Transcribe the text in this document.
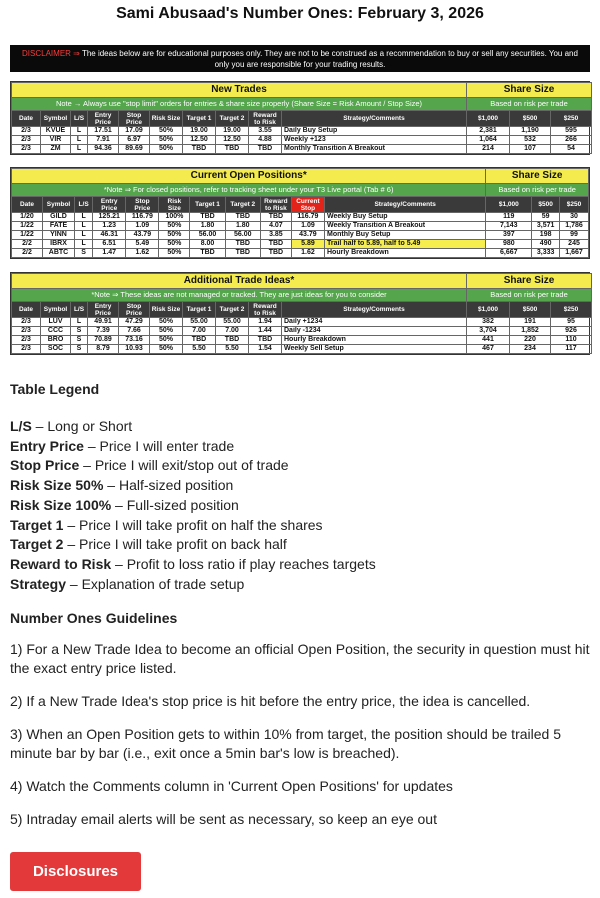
Sami Abusaad's Number Ones: February 3, 2026
DISCLAIMER ⇒ The ideas below are for educational purposes only. They are not to be construed as a recommendation to buy or sell any securities. You and only you are responsible for your trading results.
New Trades										Share Size		
Note → Always use "stop limit" orders for entries & share size properly (Share Size = Risk Amount / Stop Size)										Based on risk per trade		
Date	Symbol	L/S	Entry Price	Stop Price	Risk Size	Target 1	Target 2	Reward to Risk	Strategy/Comments	$1,000	$500	$250
2/3	KVUE	L	17.51	17.09	50%	19.00	19.00	3.55	Daily Buy Setup	2,381	1,190	595
2/3	VIR	L	7.91	6.97	50%	12.50	12.50	4.88	Weekly +123	1,064	532	266
2/3	ZM	L	94.36	89.69	50%	TBD	TBD	TBD	Monthly Transition A Breakout	214	107	54
Current Open Positions*											Share Size		
*Note ⇒ For closed positions, refer to tracking sheet under your T3 Live portal (Tab # 6)											Based on risk per trade		
Date	Symbol	L/S	Entry Price	Stop Price	Risk Size	Target 1	Target 2	Reward to Risk	Current Stop	Strategy/Comments	$1,000	$500	$250
1/20	GILD	L	125.21	116.79	100%	TBD	TBD	TBD	116.79	Weekly Buy Setup	119	59	30
1/22	FATE	L	1.23	1.09	50%	1.80	1.80	4.07	1.09	Weekly Transition A Breakout	7,143	3,571	1,786
1/22	YINN	L	46.31	43.79	50%	56.00	56.00	3.85	43.79	Monthly Buy Setup	397	198	99
2/2	IBRX	L	6.51	5.49	50%	8.00	TBD	TBD	5.89	Trail half to 5.89, half to 5.49	980	490	245
2/2	ABTC	S	1.47	1.62	50%	TBD	TBD	TBD	1.62	Hourly Breakdown	6,667	3,333	1,667
Additional Trade Ideas*										Share Size		
*Note ⇒ These ideas are not managed or tracked. They are just ideas for you to consider										Based on risk per trade		
Date	Symbol	L/S	Entry Price	Stop Price	Risk Size	Target 1	Target 2	Reward to Risk	Strategy/Comments	$1,000	$500	$250
2/3	LUV	L	49.91	47.29	50%	55.00	55.00	1.94	Daily +1234	382	191	95
2/3	CCC	S	7.39	7.66	50%	7.00	7.00	1.44	Daily -1234	3,704	1,852	926
2/3	BRO	S	70.89	73.16	50%	TBD	TBD	TBD	Hourly Breakdown	441	220	110
2/3	SOC	S	8.79	10.93	50%	5.50	5.50	1.54	Weekly Sell Setup	467	234	117
Table Legend
L/S – Long or Short
Entry Price – Price I will enter trade
Stop Price – Price I will exit/stop out of trade
Risk Size 50% – Half-sized position
Risk Size 100% – Full-sized position
Target 1 – Price I will take profit on half the shares
Target 2 – Price I will take profit on back half
Reward to Risk – Profit to loss ratio if play reaches targets
Strategy – Explanation of trade setup
Number Ones Guidelines

1) For a New Trade Idea to become an official Open Position, the security in question must hit the exact entry price listed.

2) If a New Trade Idea's stop price is hit before the entry price, the idea is cancelled.

3) When an Open Position gets to within 10% from target, the position should be trailed 5 minute bar by bar (i.e., exit once a 5min bar's low is breached).

4) Watch the Comments column in 'Current Open Positions' for updates

5) Intraday email alerts will be sent as necessary, so keep an eye out

Disclosures
